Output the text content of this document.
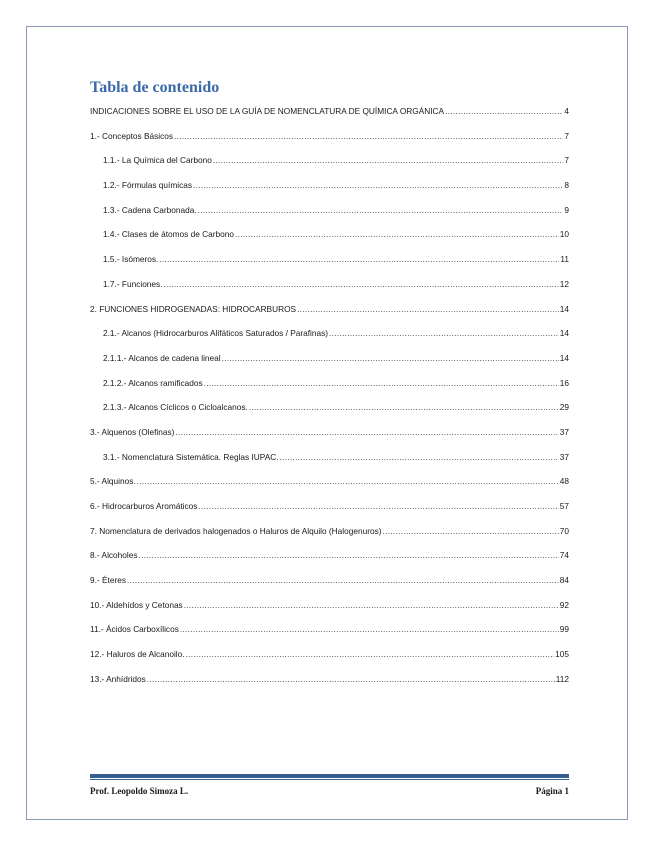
Tabla de contenido
INDICACIONES SOBRE EL USO DE LA GUÍA DE NOMENCLATURA DE QUÍMICA ORGÁNICA .....	4
1.- Conceptos Básicos .....	7
1.1.- La Química del Carbono .....	7
1.2.- Fórmulas químicas .....	8
1.3.- Cadena Carbonada. .....	9
1.4.- Clases de átomos de Carbono .....	10
1.5.- Isómeros. .....	11
1.7.- Funciones. .....	12
2. FUNCIONES HIDROGENADAS: HIDROCARBUROS .....	14
2.1.- Alcanos (Hidrocarburos Alifáticos Saturados / Parafinas) .....	14
2.1.1.- Alcanos de cadena lineal .....	14
2.1.2.- Alcanos ramificados .....	16
2.1.3.- Alcanos Cíclicos o Cicloalcanos. .....	29
3.- Alquenos (Olefinas) .....	37
3.1.- Nomenclatura Sistemática. Reglas IUPAC. .....	37
5.- Alquinos. .....	48
6.- Hidrocarburos Aromáticos .....	57
7. Nomenclatura de derivados halogenados o Haluros de Alquilo (Halogenuros) .....	70
8.- Alcoholes .....	74
9.- Éteres .....	84
10.- Aldehídos y Cetonas .....	92
11.- Ácidos Carboxílicos .....	99
12.- Haluros de Alcanoilo. .....	105
13.- Anhídridos .....	112
Prof. Leopoldo Simoza L.	Página 1
